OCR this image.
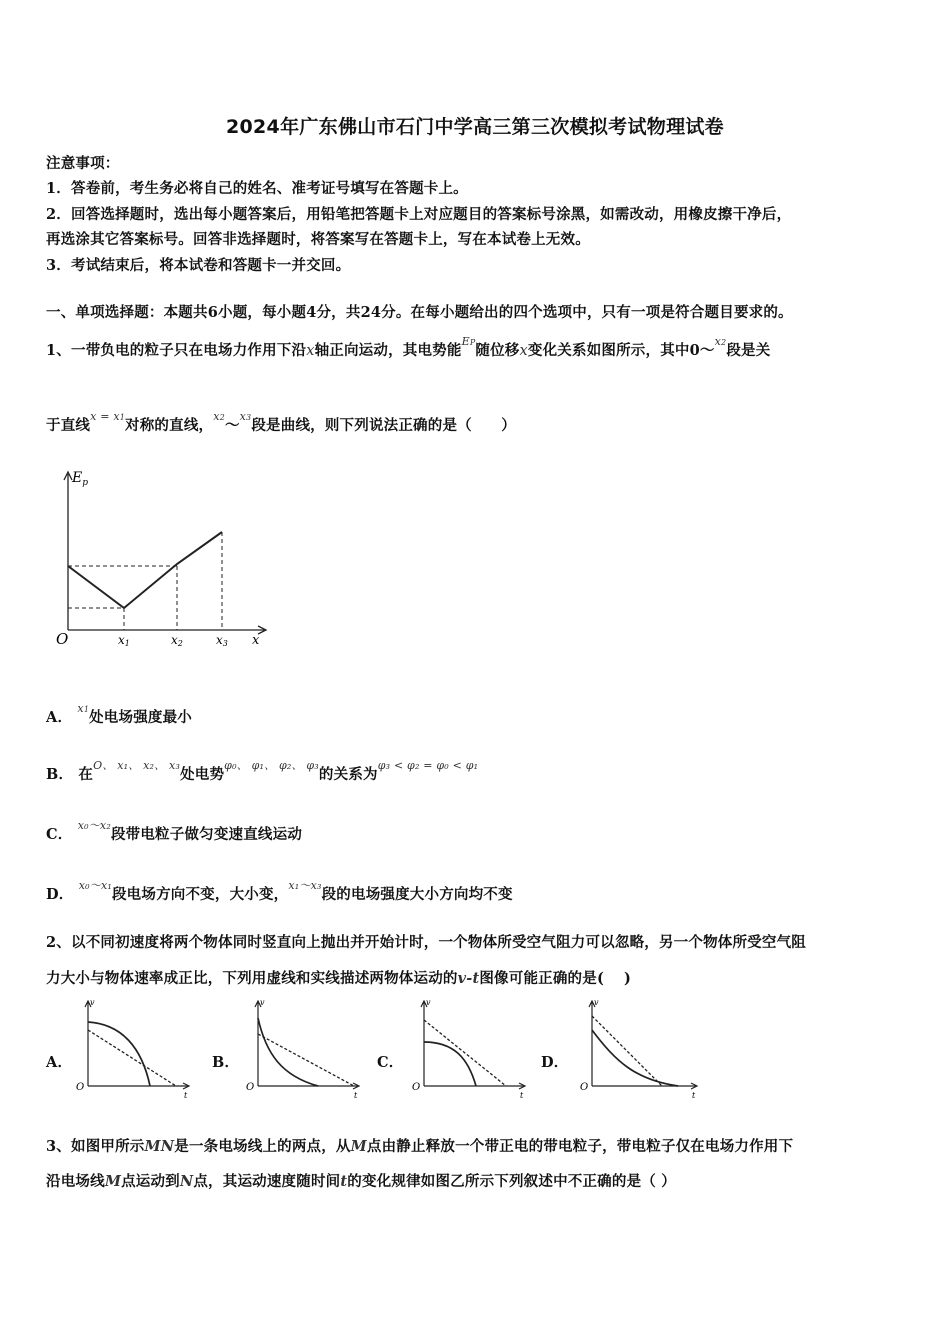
2024年广东佛山市石门中学高三第三次模拟考试物理试卷
注意事项：
1．答卷前，考生务必将自己的姓名、准考证号填写在答题卡上。
2．回答选择题时，选出每小题答案后，用铅笔把答题卡上对应题目的答案标号涂黑，如需改动，用橡皮擦干净后，
再选涂其它答案标号。回答非选择题时，将答案写在答题卡上，写在本试卷上无效。
3．考试结束后，将本试卷和答题卡一并交回。
一、单项选择题：本题共6小题，每小题4分，共24分。在每小题给出的四个选项中，只有一项是符合题目要求的。
1、一带负电的粒子只在电场力作用下沿x轴正向运动，其电势能$^{EP}$随位移x变化关系如图所示，其中0～$^{x2}$段是关
于直线$^{x = x1}$对称的直线，$^{x2}$～$^{x3}$段是曲线，则下列说法正确的是（　　）
$E_p$
O	x1	x2	x3 x
A． $^{x1}$处电场强度最小
B． 在$^{O、 x_1、 x_2、 x_3}$处电势$^{\varphi_0、 \varphi_1、 \varphi_2、 \varphi_3}$的关系为$^{\varphi_3 < \varphi_2 = \varphi_0 < \varphi_1}$
C． $^{x_0\sim x_2}$段带电粒子做匀变速直线运动
D． $^{x_0\sim x_1}$段电场方向不变，大小变，$^{x_1\sim x_3}$段的电场强度大小方向均不变
2、以不同初速度将两个物体同时竖直向上抛出并开始计时，一个物体所受空气阻力可以忽略，另一个物体所受空气阻
力大小与物体速率成正比，下列用虚线和实线描述两物体运动的v-t图像可能正确的是(　 )
A．
v
O
t
B．
v
O
t
C．
v
O
t
D．
v
O
t
3、如图甲所示MN是一条电场线上的两点，从M点由静止释放一个带正电的带电粒子，带电粒子仅在电场力作用下
沿电场线M点运动到N点，其运动速度随时间t的变化规律如图乙所示下列叙述中不正确的是（ ）
